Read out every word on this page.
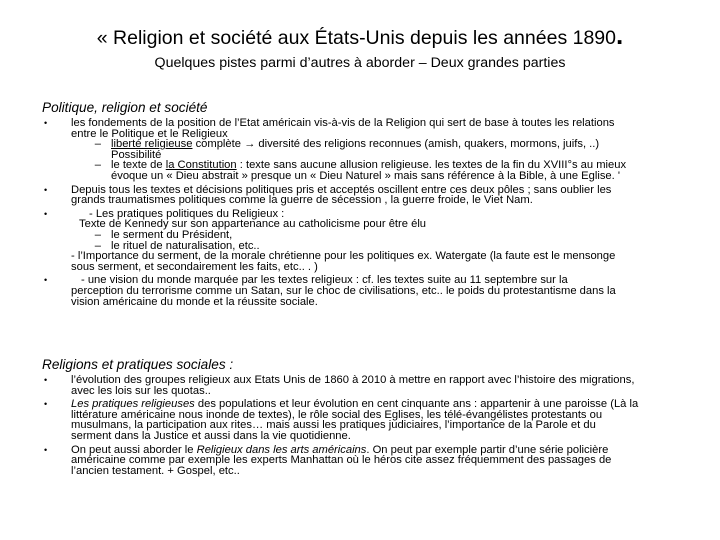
« Religion et société aux États-Unis depuis les années 1890.
Quelques pistes parmi d’autres à aborder – Deux grandes parties
Politique, religion et société
• les fondements de la position de l’Etat américain vis-à-vis de la Religion qui sert de base à toutes les relations
entre le Politique et le Religieux
– liberté religieuse complète → diversité des religions reconnues (amish, quakers, mormons, juifs, ..)
Possibilité
– le texte de la Constitution : texte sans aucune allusion religieuse. les textes de la fin du XVIII°s au mieux
évoque un « Dieu abstrait » presque un « Dieu Naturel » mais sans référence à la Bible, à une Eglise. '
• Depuis tous les textes et décisions politiques pris et acceptés oscillent entre ces deux pôles ; sans oublier les
grands traumatismes politiques comme la guerre de sécession , la guerre froide, le Viet Nam.
•	- Les pratiques politiques du Religieux :
Texte de Kennedy sur son appartenance au catholicisme pour être élu
– le serment du Président,
– le rituel de naturalisation, etc..
- l’Importance du serment, de la morale chrétienne pour les politiques ex. Watergate (la faute est le mensonge
sous serment, et secondairement les faits, etc.. . )
•	- une vision du monde marquée par les textes religieux : cf. les textes suite au 11 septembre sur la
perception du terrorisme comme un Satan, sur le choc de civilisations, etc.. le poids du protestantisme dans la
vision américaine du monde et la réussite sociale.
Religions et pratiques sociales :
• l’évolution des groupes religieux aux Etats Unis de 1860 à 2010 à mettre en rapport avec l’histoire des migrations,
avec les lois sur les quotas..
• Les pratiques religieuses des populations et leur évolution en cent cinquante ans : appartenir à une paroisse (Là la
littérature américaine nous inonde de textes), le rôle social des Eglises, les télé-évangélistes protestants ou
musulmans, la participation aux rites… mais aussi les pratiques judiciaires, l’importance de la Parole et du
serment dans la Justice et aussi dans la vie quotidienne.
• On peut aussi aborder le Religieux dans les arts américains. On peut par exemple partir d’une série policière
américaine comme par exemple les experts Manhattan où le héros cite assez fréquemment des passages de
l’ancien testament. + Gospel, etc..
